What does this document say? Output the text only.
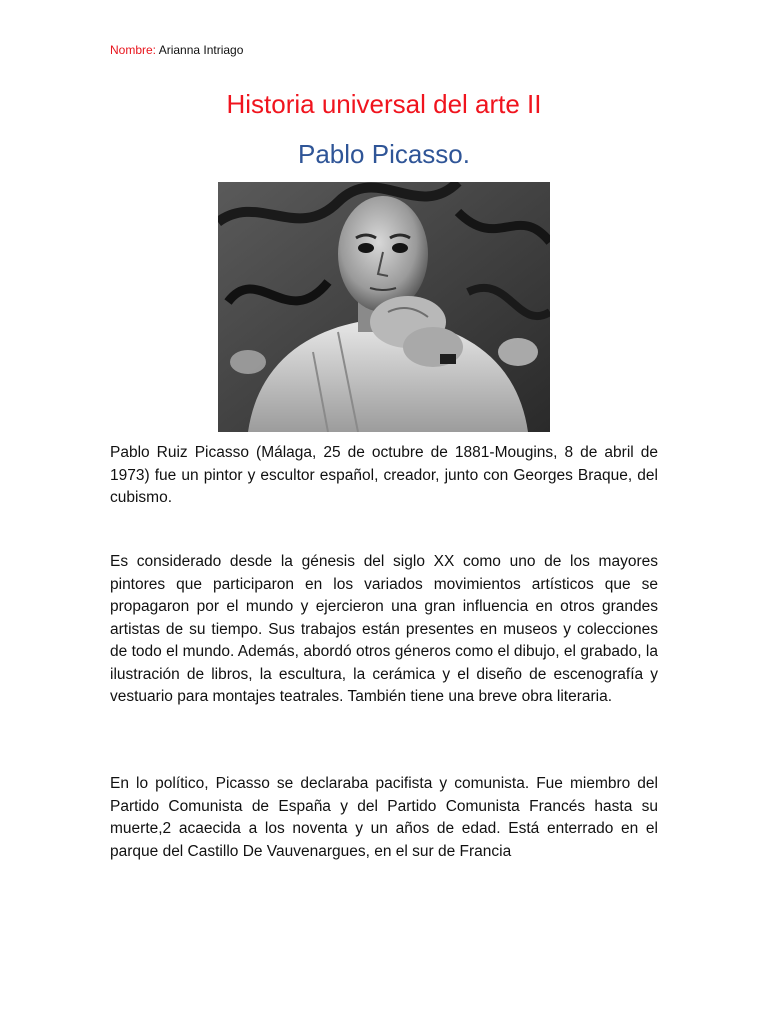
Nombre: Arianna Intriago
Historia universal del arte II
Pablo Picasso.
Pablo Ruiz Picasso (Málaga, 25 de octubre de 1881-Mougins, 8 de abril de 1973) fue un pintor y escultor español, creador, junto con Georges Braque, del cubismo.
Es considerado desde la génesis del siglo XX como uno de los mayores pintores que participaron en los variados movimientos artísticos que se propagaron por el mundo y ejercieron una gran influencia en otros grandes artistas de su tiempo. Sus trabajos están presentes en museos y colecciones de todo el mundo. Además, abordó otros géneros como el dibujo, el grabado, la ilustración de libros, la escultura, la cerámica y el diseño de escenografía y vestuario para montajes teatrales. También tiene una breve obra literaria.
En lo político, Picasso se declaraba pacifista y comunista. Fue miembro del Partido Comunista de España y del Partido Comunista Francés hasta su muerte,2 acaecida a los noventa y un años de edad. Está enterrado en el parque del Castillo De Vauvenargues, en el sur de Francia
